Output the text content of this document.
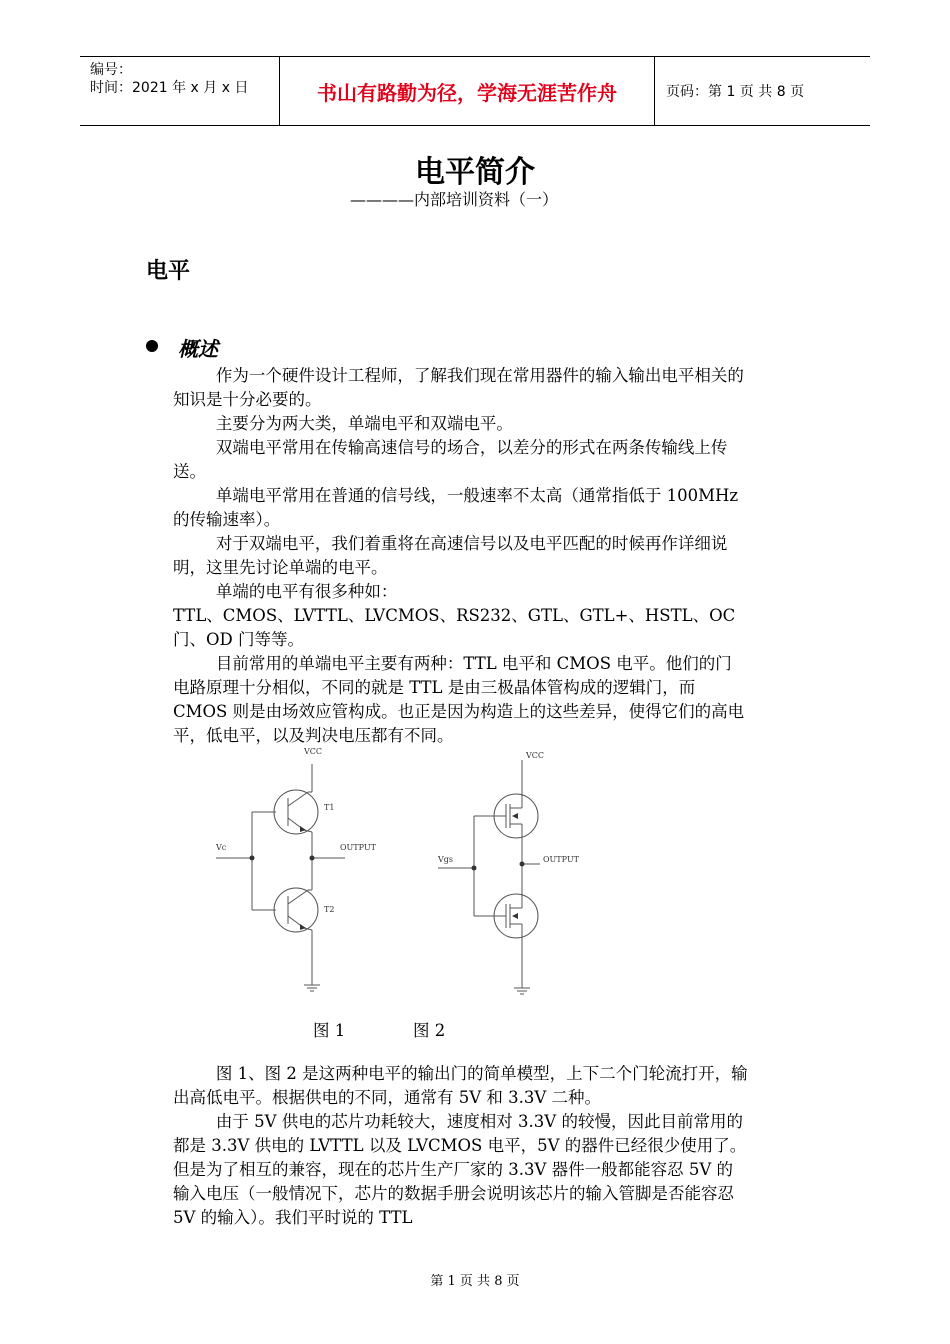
编号：
时间：2021 年 x 月 x 日	书山有路勤为径，学海无涯苦作舟	页码：第 1 页 共 8 页
电平简介
————内部培训资料（一）
电平
概述

作为一个硬件设计工程师，了解我们现在常用器件的输入输出电平相关的知识是十分必要的。

主要分为两大类，单端电平和双端电平。

双端电平常用在传输高速信号的场合，以差分的形式在两条传输线上传送。

单端电平常用在普通的信号线，一般速率不太高（通常指低于 100MHz 的传输速率）。

对于双端电平，我们着重将在高速信号以及电平匹配的时候再作详细说明，这里先讨论单端的电平。

单端的电平有很多种如：

TTL、CMOS、LVTTL、LVCMOS、RS232、GTL、GTL+、HSTL、OC 门、OD 门等等。

目前常用的单端电平主要有两种：TTL 电平和 CMOS 电平。他们的门电路原理十分相似，不同的就是 TTL 是由三极晶体管构成的逻辑门，而 CMOS 则是由场效应管构成。也正是因为构造上的这些差异，使得它们的高电平，低电平，以及判决电压都有不同。

VCC
T1
T2
Vc	OUTPUT
VCC
Vgs	OUTPUT
图 1	图 2

图 1、图 2 是这两种电平的输出门的简单模型，上下二个门轮流打开，输出高低电平。根据供电的不同，通常有 5V 和 3.3V 二种。

由于 5V 供电的芯片功耗较大，速度相对 3.3V 的较慢，因此目前常用的都是 3.3V 供电的 LVTTL 以及 LVCMOS 电平，5V 的器件已经很少使用了。但是为了相互的兼容，现在的芯片生产厂家的 3.3V 器件一般都能容忍 5V 的输入电压（一般情况下，芯片的数据手册会说明该芯片的输入管脚是否能容忍 5V 的输入）。我们平时说的 TTL

第 1 页 共 8 页
